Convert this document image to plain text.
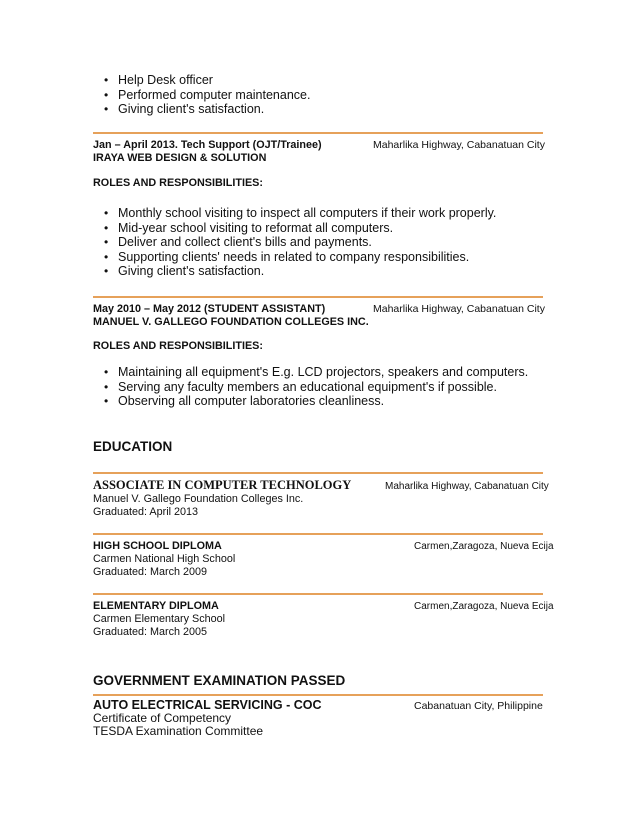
• Help Desk officer
• Performed computer maintenance.
• Giving client's satisfaction.
Jan – April 2013. Tech Support (OJT/Trainee)	Maharlika Highway, Cabanatuan City
IRAYA WEB DESIGN & SOLUTION
ROLES AND RESPONSIBILITIES:
• Monthly school visiting to inspect all computers if their work properly.
• Mid-year school visiting to reformat all computers.
• Deliver and collect client's bills and payments.
• Supporting clients' needs in related to company responsibilities.
• Giving client's satisfaction.
May 2010 – May 2012 (STUDENT ASSISTANT)	Maharlika Highway, Cabanatuan City
MANUEL V. GALLEGO FOUNDATION COLLEGES INC.
ROLES AND RESPONSIBILITIES:
• Maintaining all equipment's E.g. LCD projectors, speakers and computers.
• Serving any faculty members an educational equipment's if possible.
• Observing all computer laboratories cleanliness.
EDUCATION
ASSOCIATE IN COMPUTER TECHNOLOGY	Maharlika Highway, Cabanatuan City
Manuel V. Gallego Foundation Colleges Inc.
Graduated: April 2013
HIGH SCHOOL DIPLOMA	Carmen,Zaragoza, Nueva Ecija
Carmen National High School
Graduated: March 2009
ELEMENTARY DIPLOMA	Carmen,Zaragoza, Nueva Ecija
Carmen Elementary School
Graduated: March 2005
GOVERNMENT EXAMINATION PASSED
AUTO ELECTRICAL SERVICING - COC	Cabanatuan City, Philippine
Certificate of Competency
TESDA Examination Committee
